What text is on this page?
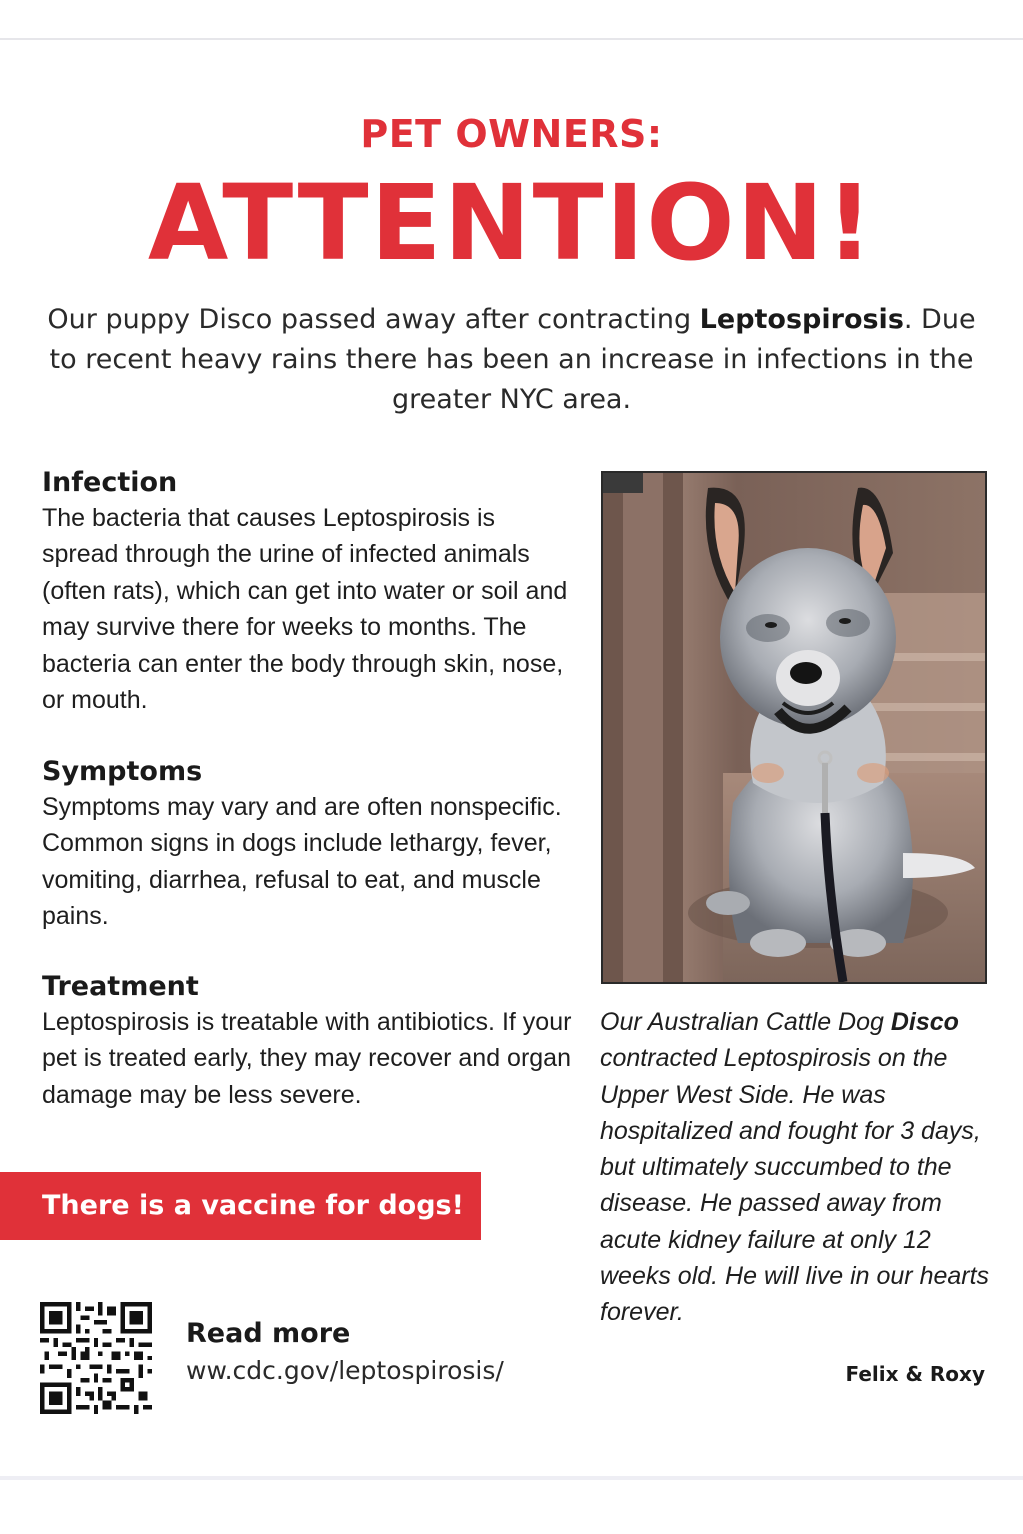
PET OWNERS:
ATTENTION!
Our puppy Disco passed away after contracting Leptospirosis. Due to recent heavy rains there has been an increase in infections in the greater NYC area.
Infection

The bacteria that causes Leptospirosis is spread through the urine of infected animals (often rats), which can get into water or soil and may survive there for weeks to months. The bacteria can enter the body through skin, nose, or mouth.

Symptoms

Symptoms may vary and are often nonspecific. Common signs in dogs include lethargy, fever, vomiting, diarrhea, refusal to eat, and muscle pains.

Treatment

Leptospirosis is treatable with antibiotics. If your pet is treated early, they may recover and organ damage may be less severe.

There is a vaccine for dogs!
Read more
ww.cdc.gov/leptospirosis/
Our Australian Cattle Dog Disco contracted Leptospirosis on the Upper West Side. He was hospitalized and fought for 3 days, but ultimately succumbed to the disease. He passed away from acute kidney failure at only 12 weeks old. He will live in our hearts forever.
Felix & Roxy
